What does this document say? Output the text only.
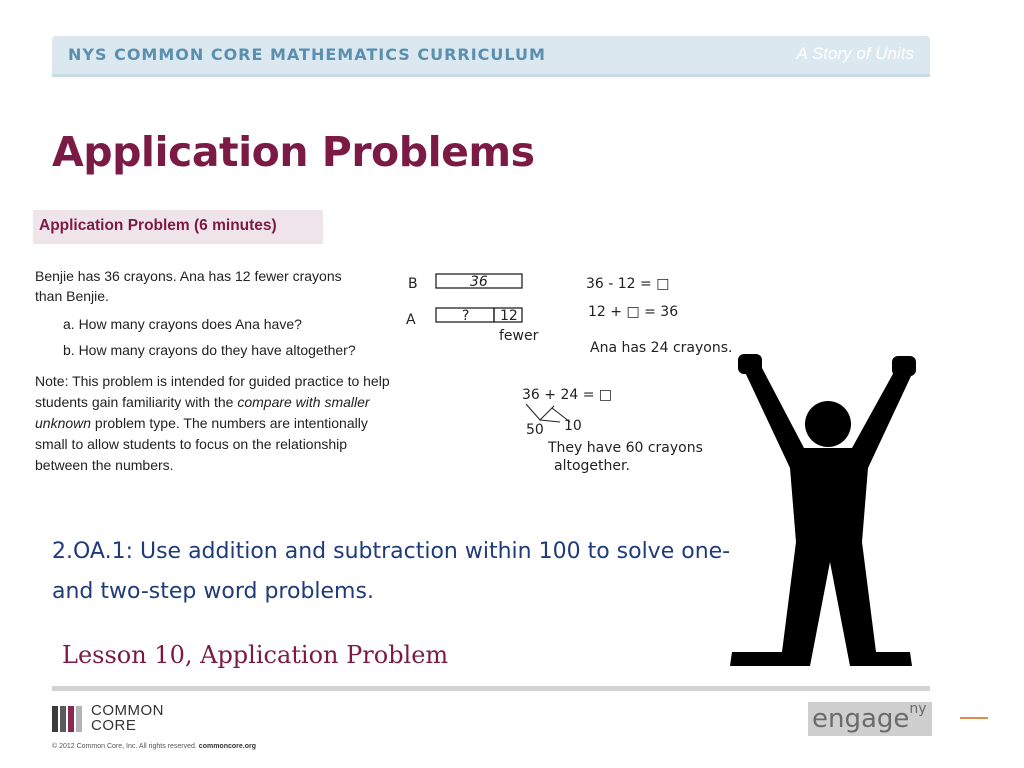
NYS COMMON CORE MATHEMATICS CURRICULUM	A Story of Units
Application Problems
Application Problem (6 minutes)
Benjie has 36 crayons. Ana has 12 fewer crayons than Benjie.
a. How many crayons does Ana have?
b. How many crayons do they have altogether?
Note: This problem is intended for guided practice to help students gain familiarity with the compare with smaller unknown problem type. The numbers are intentionally small to allow students to focus on the relationship between the numbers.
B	36
A	? 12
fewer
36 - 12 = □
12 + □ = 36
Ana has 24 crayons.
36 + 24 = □
50 10
They have 60 crayons
altogether.
2.OA.1: Use addition and subtraction within 100 to solve one- and two-step word problems.
Lesson 10, Application Problem
COMMON
CORE
© 2012 Common Core, Inc. All rights reserved. commoncore.org
engage$^{ny}$
